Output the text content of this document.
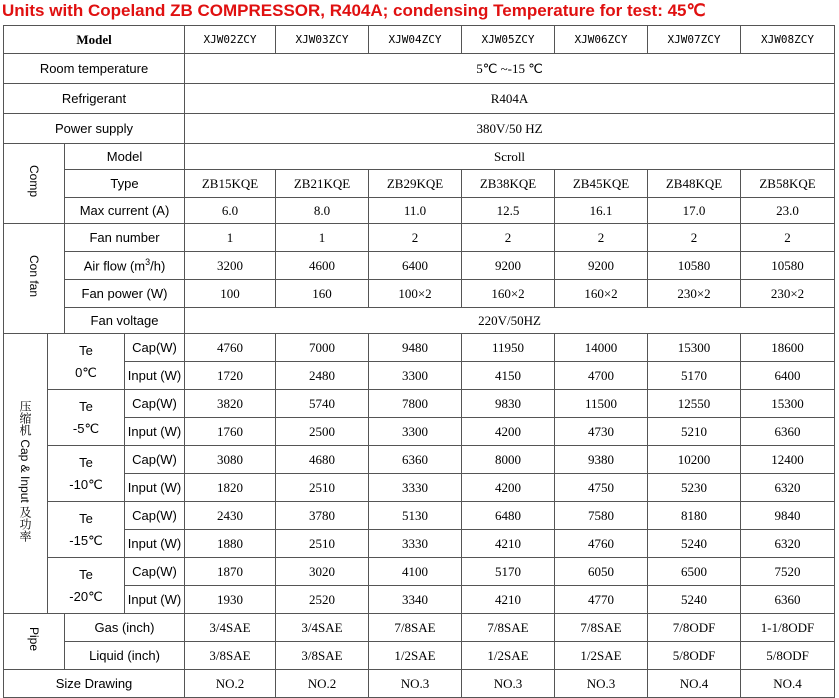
Units with Copeland ZB COMPRESSOR, R404A; condensing Temperature for test: 45℃
Model				XJW02ZCY	XJW03ZCY	XJW04ZCY	XJW05ZCY	XJW06ZCY	XJW07ZCY	XJW08ZCY
Room temperature				5℃ ~-15 ℃						
Refrigerant				R404A						
Power supply				380V/50 HZ						
Comp		Model		Scroll						
		Type		ZB15KQE	ZB21KQE	ZB29KQE	ZB38KQE	ZB45KQE	ZB48KQE	ZB58KQE
		Max current (A)		6.0	8.0	11.0	12.5	16.1	17.0	23.0
Con fan		Fan number		1	1	2	2	2	2	2
		Air flow $(m^3/h)$		3200	4600	6400	9200	9200	10580	10580
		Fan power (W)		100	160	100×2	160×2	160×2	230×2	230×2
		Fan voltage		220V/50HZ						
压缩机 Cap & Input 及功率	Te
0℃		Cap(W)	4760	7000	9480	11950	14000	15300	18600
			Input (W)	1720	2480	3300	4150	4700	5170	6400

	Te
-5℃		Cap(W)	3820	5740	7800	9830	11500	12550	15300
			Input (W)	1760	2500	3300	4200	4730	5210	6360

	Te
-10℃		Cap(W)	3080	4680	6360	8000	9380	10200	12400
			Input (W)	1820	2510	3330	4200	4750	5230	6320

	Te
-15℃		Cap(W)	2430	3780	5130	6480	7580	8180	9840
			Input (W)	1880	2510	3330	4210	4760	5240	6320

	Te
-20℃		Cap(W)	1870	3020	4100	5170	6050	6500	7520
			Input (W)	1930	2520	3340	4210	4770	5240	6360
Pipe		Gas (inch)		3/4SAE	3/4SAE	7/8SAE	7/8SAE	7/8SAE	7/8ODF	1-1/8ODF
		Liquid (inch)		3/8SAE	3/8SAE	1/2SAE	1/2SAE	1/2SAE	5/8ODF	5/8ODF
Size Drawing				NO.2	NO.2	NO.3	NO.3	NO.3	NO.4	NO.4
